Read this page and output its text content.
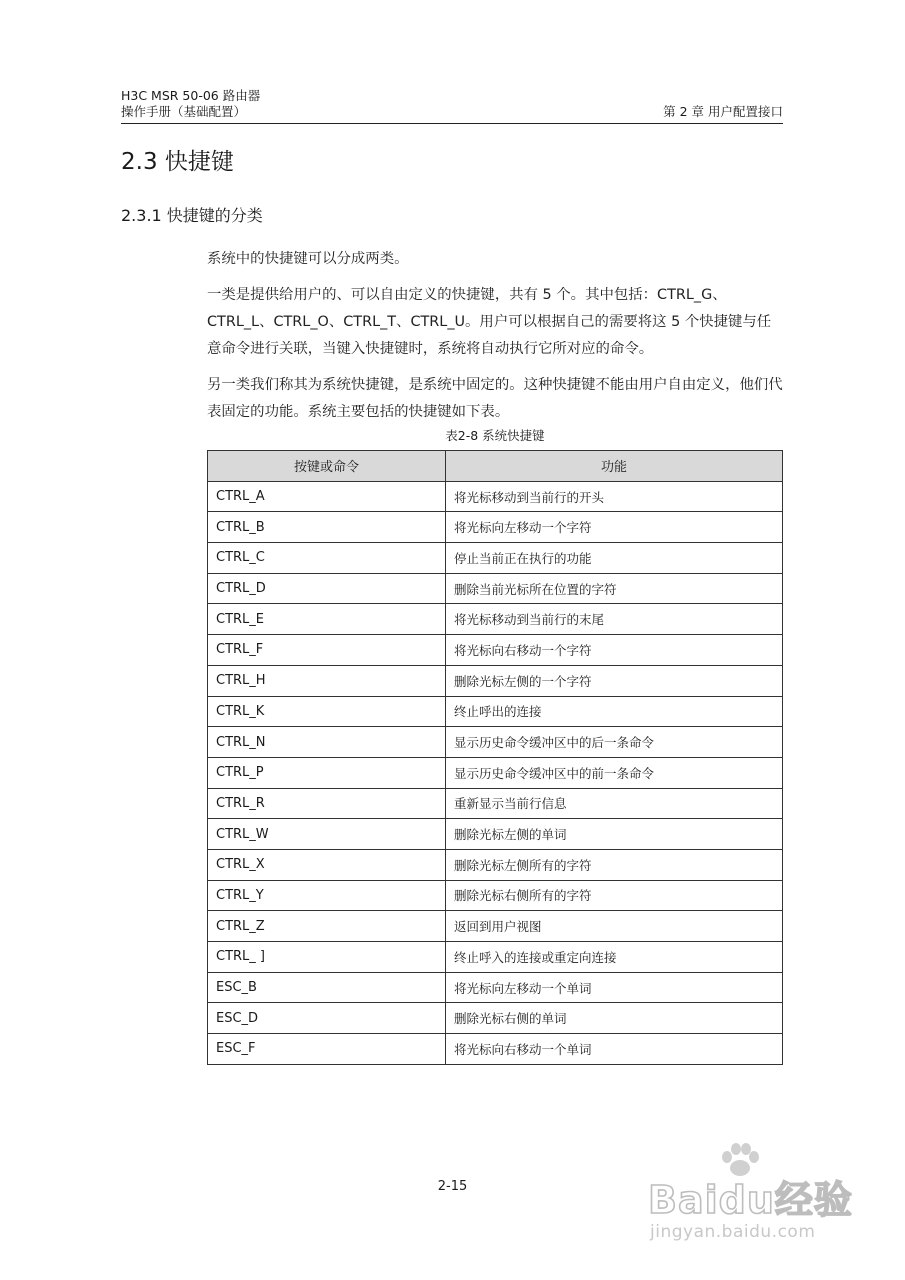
H3C MSR 50-06 路由器
操作手册（基础配置）	第 2 章 用户配置接口
2.3 快捷键
2.3.1 快捷键的分类

系统中的快捷键可以分成两类。

一类是提供给用户的、可以自由定义的快捷键，共有 5 个。其中包括：CTRL_G、CTRL_L、CTRL_O、CTRL_T、CTRL_U。用户可以根据自己的需要将这 5 个快捷键与任意命令进行关联，当键入快捷键时，系统将自动执行它所对应的命令。

另一类我们称其为系统快捷键，是系统中固定的。这种快捷键不能由用户自由定义，他们代表固定的功能。系统主要包括的快捷键如下表。

表2-8 系统快捷键
按键或命令	功能
CTRL_A	将光标移动到当前行的开头
CTRL_B	将光标向左移动一个字符
CTRL_C	停止当前正在执行的功能
CTRL_D	删除当前光标所在位置的字符
CTRL_E	将光标移动到当前行的末尾
CTRL_F	将光标向右移动一个字符
CTRL_H	删除光标左侧的一个字符
CTRL_K	终止呼出的连接
CTRL_N	显示历史命令缓冲区中的后一条命令
CTRL_P	显示历史命令缓冲区中的前一条命令
CTRL_R	重新显示当前行信息
CTRL_W	删除光标左侧的单词
CTRL_X	删除光标左侧所有的字符
CTRL_Y	删除光标右侧所有的字符
CTRL_Z	返回到用户视图
CTRL_ ]	终止呼入的连接或重定向连接
ESC_B	将光标向左移动一个单词
ESC_D	删除光标右侧的单词
ESC_F	将光标向右移动一个单词
2-15	Baidu经验
jingyan.baidu.com
